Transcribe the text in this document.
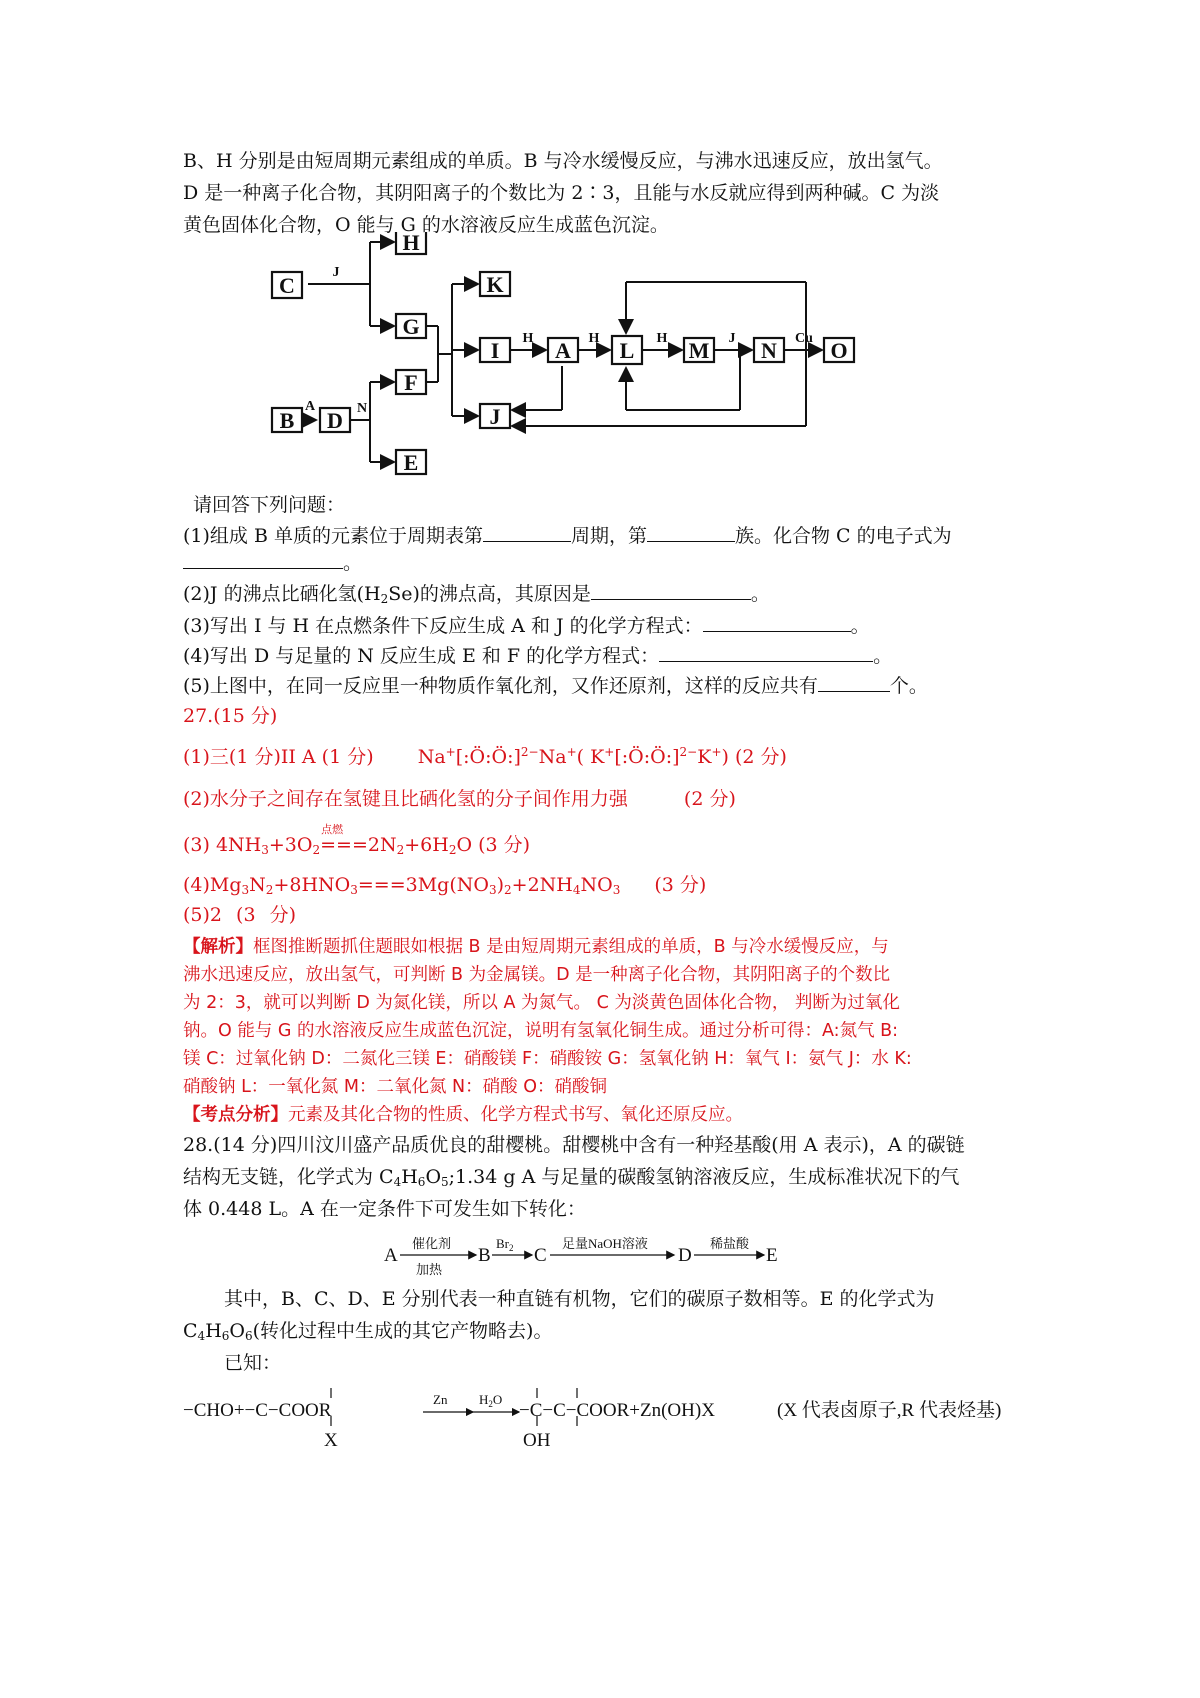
B、H 分别是由短周期元素组成的单质。B 与冷水缓慢反应，与沸水迅速反应，放出氢气。
D 是一种离子化合物，其阴阳离子的个数比为 2∶3，且能与水反就应得到两种碱。C 为淡
黄色固体化合物，O 能与 G 的水溶液反应生成蓝色沉淀。
C
H
G
K
I	A L M N O
F
B D	J
E
J
H	H	H	J	Cu
A	N
请回答下列问题：
(1)组成 B 单质的元素位于周期表第	周期，第	族。化合物 C 的电子式为
。
(2)J 的沸点比硒化氢$(H_2Se)$的沸点高，其原因是	。
(3)写出 I 与 H 在点燃条件下反应生成 A 和 J 的化学方程式：	。
(4)写出 D 与足量的 N 反应生成 E 和 F 的化学方程式：	。
(5)上图中，在同一反应里一种物质作氧化剂，又作还原剂，这样的反应共有	个。
27.(15 分)
(1)三(1 分)II A (1 分) Na+[:Ö:Ö:]$^{2-}$Na+( K+[:Ö:Ö:]$^{2-}$K+) (2 分)
(2)水分子之间存在氢键且比硒化氢的分子间作用力强	(2 分)
(3) $4NH_3+3O_2$
点燃
$===2N_2+6H_2O$ (3 分)
$(4)Mg_3N_2+8HNO_3===3Mg(NO_3)_2+2NH_4NO_3$ (3 分)
(5)2 (3 分)
【解析】框图推断题抓住题眼如根据 B 是由短周期元素组成的单质，B 与冷水缓慢反应，与
沸水迅速反应，放出氢气，可判断 B 为金属镁。D 是一种离子化合物，其阴阳离子的个数比
为 2：3，就可以判断 D 为氮化镁，所以 A 为氮气。 C 为淡黄色固体化合物， 判断为过氧化
钠。O 能与 G 的水溶液反应生成蓝色沉淀，说明有氢氧化铜生成。通过分析可得：A:氮气 B:
镁 C：过氧化钠 D：二氮化三镁 E：硝酸镁 F：硝酸铵 G：氢氧化钠 H：氧气 I：氨气 J：水 K:
硝酸钠 L：一氧化氮 M：二氧化氮 N：硝酸 O：硝酸铜
【考点分析】元素及其化合物的性质、化学方程式书写、氧化还原反应。
28.(14 分)四川汶川盛产品质优良的甜樱桃。甜樱桃中含有一种羟基酸(用 A 表示)，A 的碳链
结构无支链，化学式为 $C_4H_6O_5;1.34$ g A 与足量的碳酸氢钠溶液反应，生成标准状况下的气
体 0.448 L。A 在一定条件下可发生如下转化：
A	B C	D	E
催化剂
加热
$Br_2$	足量NaOH溶液	稀盐酸
其中，B、C、D、E 分别代表一种直链有机物，它们的碳原子数相等。E 的化学式为
$C_4H_6O_6$(转化过程中生成的其它产物略去)。
已知：
−CHO+−C−COOR
X
−C−C−COOR+Zn(OH)X
OH
(X 代表卤原子,R 代表烃基)
Zn $H_2O$
